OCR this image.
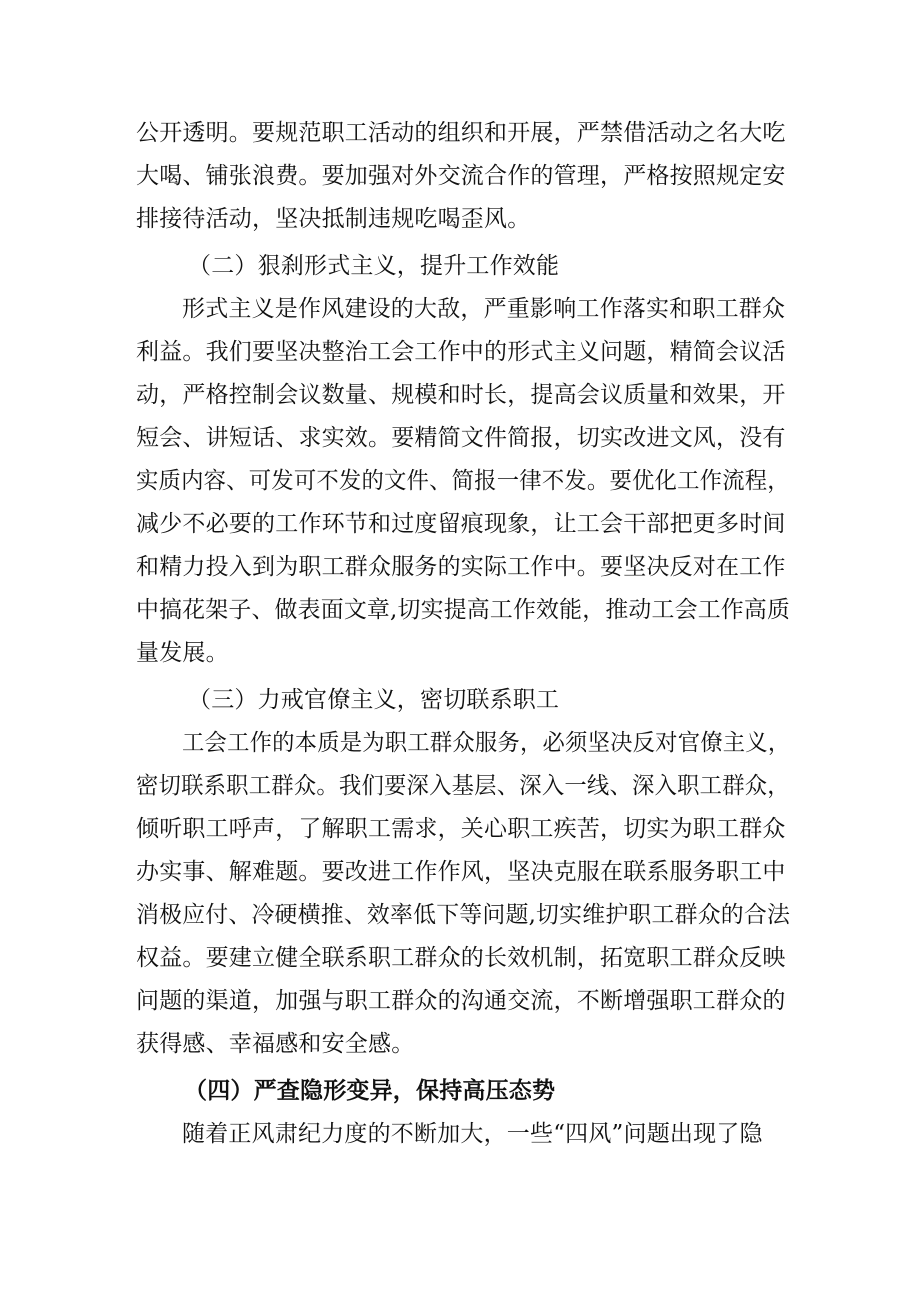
公开透明。要规范职工活动的组织和开展，严禁借活动之名大吃
大喝、铺张浪费。要加强对外交流合作的管理，严格按照规定安
排接待活动，坚决抵制违规吃喝歪风。
（二）狠刹形式主义，提升工作效能
形式主义是作风建设的大敌，严重影响工作落实和职工群众
利益。我们要坚决整治工会工作中的形式主义问题，精简会议活
动，严格控制会议数量、规模和时长，提高会议质量和效果，开
短会、讲短话、求实效。要精简文件简报，切实改进文风，没有
实质内容、可发可不发的文件、简报一律不发。要优化工作流程，
减少不必要的工作环节和过度留痕现象，让工会干部把更多时间
和精力投入到为职工群众服务的实际工作中。要坚决反对在工作
中搞花架子、做表面文章,切实提高工作效能，推动工会工作高质
量发展。
（三）力戒官僚主义，密切联系职工
工会工作的本质是为职工群众服务，必须坚决反对官僚主义，
密切联系职工群众。我们要深入基层、深入一线、深入职工群众，
倾听职工呼声，了解职工需求，关心职工疾苦，切实为职工群众
办实事、解难题。要改进工作作风，坚决克服在联系服务职工中
消极应付、冷硬横推、效率低下等问题,切实维护职工群众的合法
权益。要建立健全联系职工群众的长效机制，拓宽职工群众反映
问题的渠道，加强与职工群众的沟通交流，不断增强职工群众的
获得感、幸福感和安全感。
（四）严查隐形变异，保持高压态势
随着正风肃纪力度的不断加大，一些“四风”问题出现了隐
